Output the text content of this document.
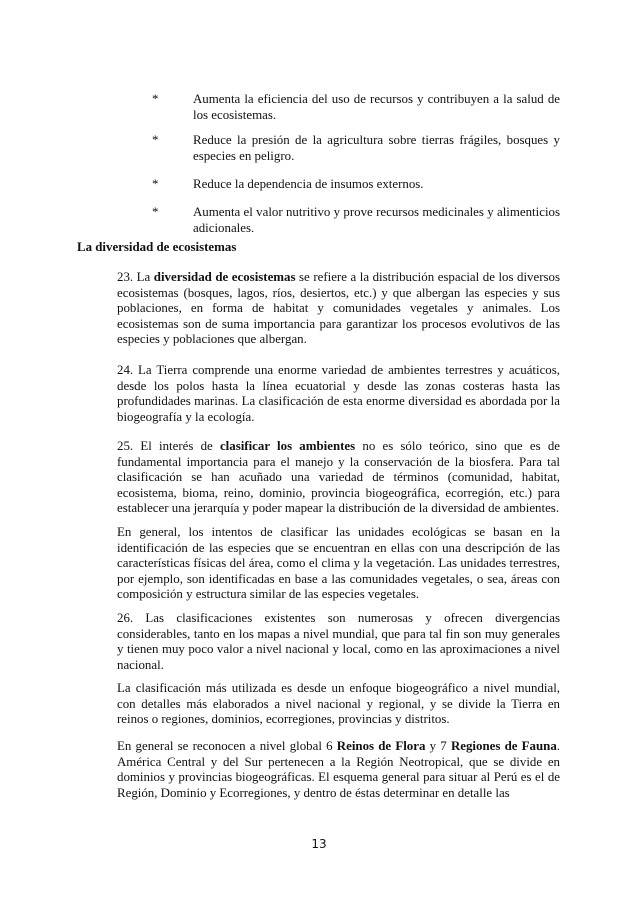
*	Aumenta la eficiencia del uso de recursos y contribuyen a la salud de los ecosistemas.
*	Reduce la presión de la agricultura sobre tierras frágiles, bosques y especies en peligro.
*	Reduce la dependencia de insumos externos.
*	Aumenta el valor nutritivo y prove recursos medicinales y alimenticios adicionales.
La diversidad de ecosistemas
23. La diversidad de ecosistemas se refiere a la distribución espacial de los diversos ecosistemas (bosques, lagos, ríos, desiertos, etc.) y que albergan las especies y sus poblaciones, en forma de habitat y comunidades vegetales y animales. Los ecosistemas son de suma importancia para garantizar los procesos evolutivos de las especies y poblaciones que albergan.
24. La Tierra comprende una enorme variedad de ambientes terrestres y acuáticos, desde los polos hasta la línea ecuatorial y desde las zonas costeras hasta las profundidades marinas. La clasificación de esta enorme diversidad es abordada por la biogeografía y la ecología.
25. El interés de clasificar los ambientes no es sólo teórico, sino que es de fundamental importancia para el manejo y la conservación de la biosfera. Para tal clasificación se han acuñado una variedad de términos (comunidad, habitat, ecosistema, bioma, reino, dominio, provincia biogeográfica, ecorregión, etc.) para establecer una jerarquía y poder mapear la distribución de la diversidad de ambientes.
En general, los intentos de clasificar las unidades ecológicas se basan en la identificación de las especies que se encuentran en ellas con una descripción de las características físicas del área, como el clima y la vegetación. Las unidades terrestres, por ejemplo, son identificadas en base a las comunidades vegetales, o sea, áreas con composición y estructura similar de las especies vegetales.
26. Las clasificaciones existentes son numerosas y ofrecen divergencias considerables, tanto en los mapas a nivel mundial, que para tal fin son muy generales y tienen muy poco valor a nivel nacional y local, como en las aproximaciones a nivel nacional.
La clasificación más utilizada es desde un enfoque biogeográfico a nivel mundial, con detalles más elaborados a nivel nacional y regional, y se divide la Tierra en reinos o regiones, dominios, ecorregiones, provincias y distritos.
En general se reconocen a nivel global 6 Reinos de Flora y 7 Regiones de Fauna. América Central y del Sur pertenecen a la Región Neotropical, que se divide en dominios y provincias biogeográficas. El esquema general para situar al Perú es el de Región, Dominio y Ecorregiones, y dentro de éstas determinar en detalle las
13
